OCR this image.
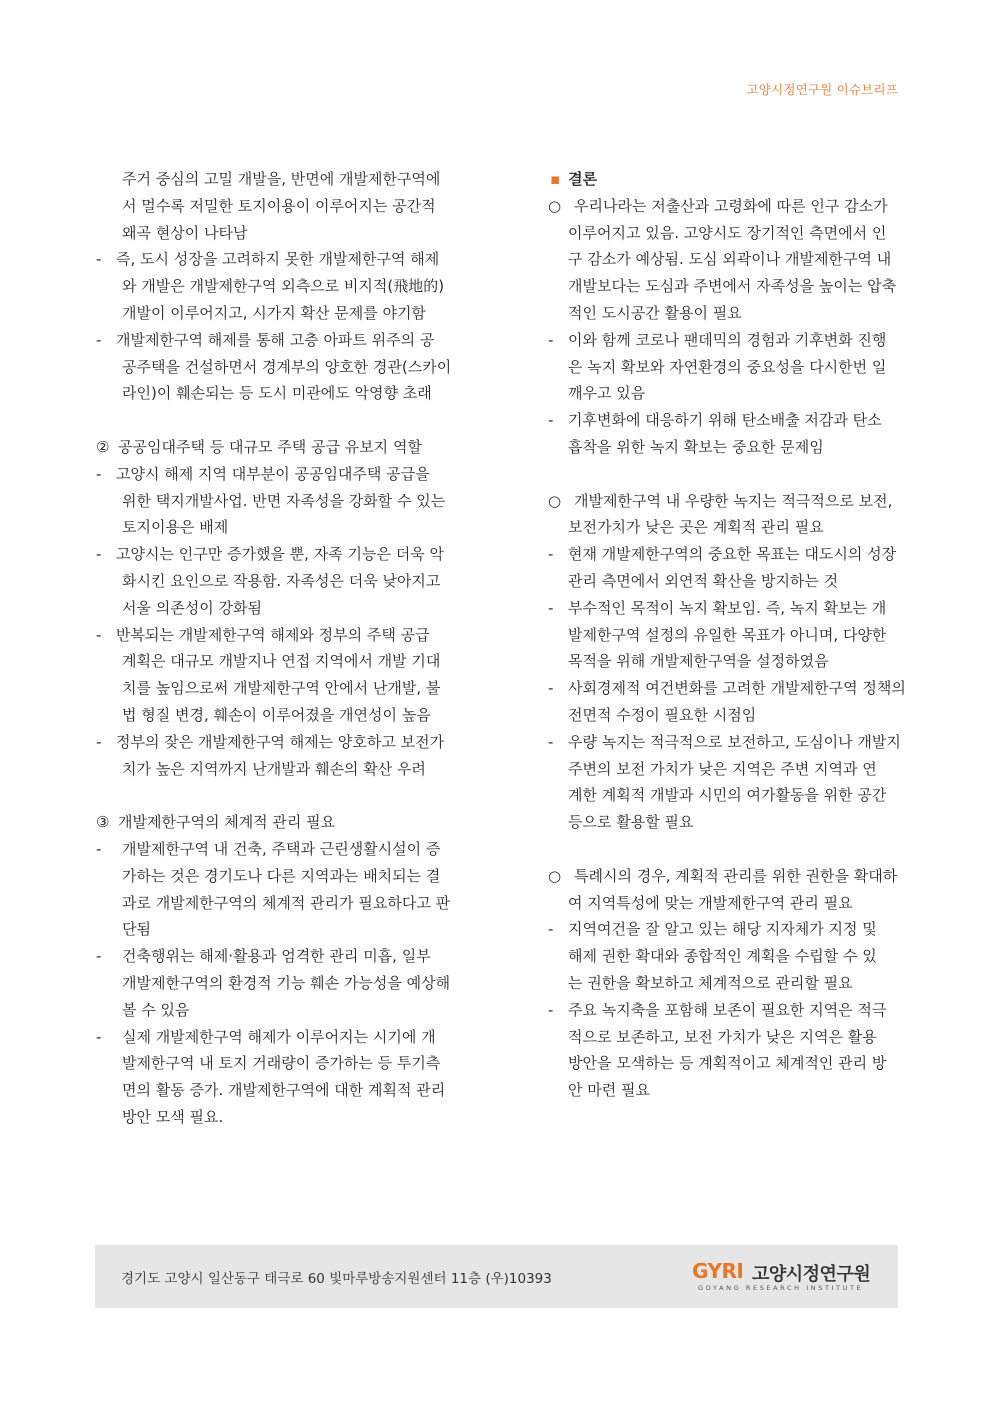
고양시정연구원 이슈브리프
주거 중심의 고밀 개발을, 반면에 개발제한구역에
서 멀수록 저밀한 토지이용이 이루어지는 공간적
왜곡 현상이 나타남
- 즉, 도시 성장을 고려하지 못한 개발제한구역 해제
와 개발은 개발제한구역 외측으로 비지적(飛地的)
개발이 이루어지고, 시가지 확산 문제를 야기함
- 개발제한구역 해제를 통해 고층 아파트 위주의 공
공주택을 건설하면서 경계부의 양호한 경관(스카이
라인)이 훼손되는 등 도시 미관에도 악영향 초래
② 공공임대주택 등 대규모 주택 공급 유보지 역할
- 고양시 해제 지역 대부분이 공공임대주택 공급을
위한 택지개발사업. 반면 자족성을 강화할 수 있는
토지이용은 배제
- 고양시는 인구만 증가했을 뿐, 자족 기능은 더욱 악
화시킨 요인으로 작용함. 자족성은 더욱 낮아지고
서울 의존성이 강화됨
- 반복되는 개발제한구역 해제와 정부의 주택 공급
계획은 대규모 개발지나 연접 지역에서 개발 기대
치를 높임으로써 개발제한구역 안에서 난개발, 불
법 형질 변경, 훼손이 이루어졌을 개연성이 높음
- 정부의 잦은 개발제한구역 해제는 양호하고 보전가
치가 높은 지역까지 난개발과 훼손의 확산 우려
③ 개발제한구역의 체계적 관리 필요
- 개발제한구역 내 건축, 주택과 근린생활시설이 증
가하는 것은 경기도나 다른 지역과는 배치되는 결
과로 개발제한구역의 체계적 관리가 필요하다고 판
단됨
- 건축행위는 해제·활용과 엄격한 관리 미흡, 일부
개발제한구역의 환경적 기능 훼손 가능성을 예상해
볼 수 있음
- 실제 개발제한구역 해제가 이루어지는 시기에 개
발제한구역 내 토지 거래량이 증가하는 등 투기측
면의 활동 증가. 개발제한구역에 대한 계획적 관리
방안 모색 필요.
▪ 결론
○ 우리나라는 저출산과 고령화에 따른 인구 감소가
이루어지고 있음. 고양시도 장기적인 측면에서 인
구 감소가 예상됨. 도심 외곽이나 개발제한구역 내
개발보다는 도심과 주변에서 자족성을 높이는 압축
적인 도시공간 활용이 필요
- 이와 함께 코로나 팬데믹의 경험과 기후변화 진행
은 녹지 확보와 자연환경의 중요성을 다시한번 일
깨우고 있음
- 기후변화에 대응하기 위해 탄소배출 저감과 탄소
흡착을 위한 녹지 확보는 중요한 문제임
○ 개발제한구역 내 우량한 녹지는 적극적으로 보전,
보전가치가 낮은 곳은 계획적 관리 필요
- 현재 개발제한구역의 중요한 목표는 대도시의 성장
관리 측면에서 외연적 확산을 방지하는 것
- 부수적인 목적이 녹지 확보임. 즉, 녹지 확보는 개
발제한구역 설정의 유일한 목표가 아니며, 다양한
목적을 위해 개발제한구역을 설정하였음
- 사회경제적 여건변화를 고려한 개발제한구역 정책의
전면적 수정이 필요한 시점임
- 우량 녹지는 적극적으로 보전하고, 도심이나 개발지
주변의 보전 가치가 낮은 지역은 주변 지역과 연
계한 계획적 개발과 시민의 여가활동을 위한 공간
등으로 활용할 필요
○ 특례시의 경우, 계획적 관리를 위한 권한을 확대하
여 지역특성에 맞는 개발제한구역 관리 필요
- 지역여건을 잘 알고 있는 해당 지자체가 지정 및
해제 권한 확대와 종합적인 계획을 수립할 수 있
는 권한을 확보하고 체계적으로 관리할 필요
- 주요 녹지축을 포함해 보존이 필요한 지역은 적극
적으로 보존하고, 보전 가치가 낮은 지역은 활용
방안을 모색하는 등 계획적이고 체계적인 관리 방
안 마련 필요
경기도 고양시 일산동구 태극로 60 빛마루방송지원센터 11층 (우)10393	GYRI 고양시정연구원
GOYANG RESEARCH INSTITUTE
